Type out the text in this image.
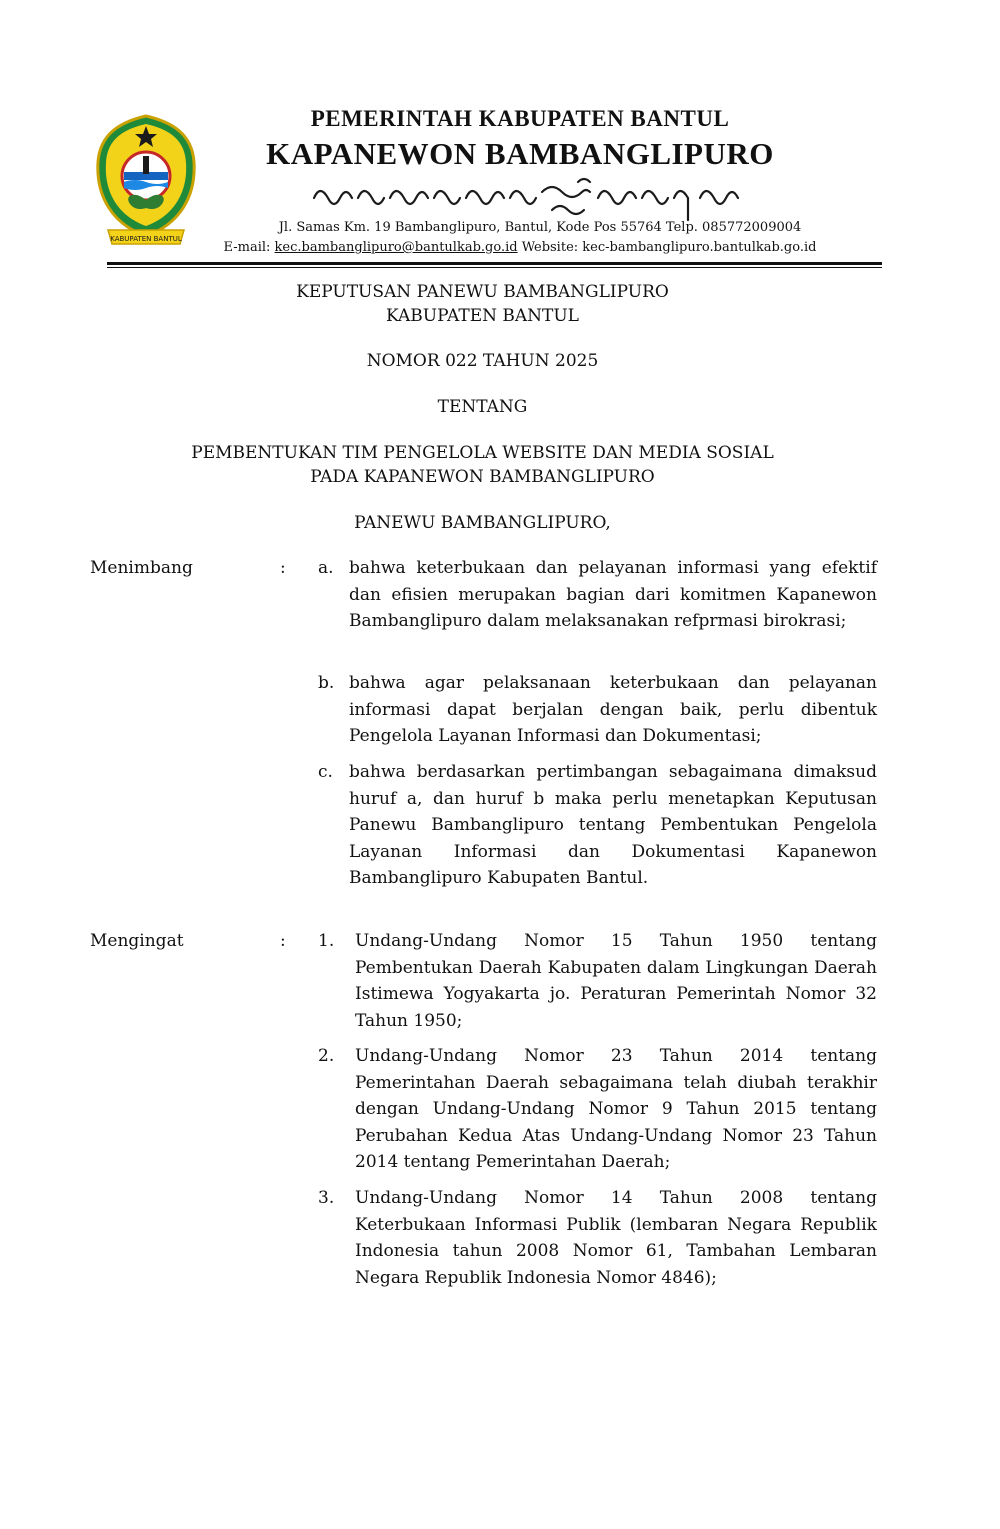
KABUPATEN BANTUL
PEMERINTAH KABUPATEN BANTUL
KAPANEWON BAMBANGLIPURO
Jl. Samas Km. 19 Bambanglipuro, Bantul, Kode Pos 55764 Telp. 085772009004
E-mail: kec.bambanglipuro@bantulkab.go.id Website: kec-bambanglipuro.bantulkab.go.id
KEPUTUSAN PANEWU BAMBANGLIPURO
KABUPATEN BANTUL
NOMOR 022 TAHUN 2025
TENTANG
PEMBENTUKAN TIM PENGELOLA WEBSITE DAN MEDIA SOSIAL
PADA KAPANEWON BAMBANGLIPURO
PANEWU BAMBANGLIPURO,
Menimbang	: a. bahwa keterbukaan dan pelayanan informasi yang efektif dan efisien merupakan bagian dari komitmen Kapanewon Bambanglipuro dalam melaksanakan refprmasi birokrasi;
b. bahwa agar pelaksanaan keterbukaan dan pelayanan informasi dapat berjalan dengan baik, perlu dibentuk Pengelola Layanan Informasi dan Dokumentasi;
c. bahwa berdasarkan pertimbangan sebagaimana dimaksud huruf a, dan huruf b maka perlu menetapkan Keputusan Panewu Bambanglipuro tentang Pembentukan Pengelola Layanan Informasi dan Dokumentasi Kapanewon Bambanglipuro Kabupaten Bantul.
Mengingat	: 1. Undang-Undang Nomor 15 Tahun 1950 tentang Pembentukan Daerah Kabupaten dalam Lingkungan Daerah Istimewa Yogyakarta jo. Peraturan Pemerintah Nomor 32 Tahun 1950;
2. Undang-Undang Nomor 23 Tahun 2014 tentang Pemerintahan Daerah sebagaimana telah diubah terakhir dengan Undang-Undang Nomor 9 Tahun 2015 tentang Perubahan Kedua Atas Undang-Undang Nomor 23 Tahun 2014 tentang Pemerintahan Daerah;
3. Undang-Undang Nomor 14 Tahun 2008 tentang Keterbukaan Informasi Publik (lembaran Negara Republik Indonesia tahun 2008 Nomor 61, Tambahan Lembaran Negara Republik Indonesia Nomor 4846);
